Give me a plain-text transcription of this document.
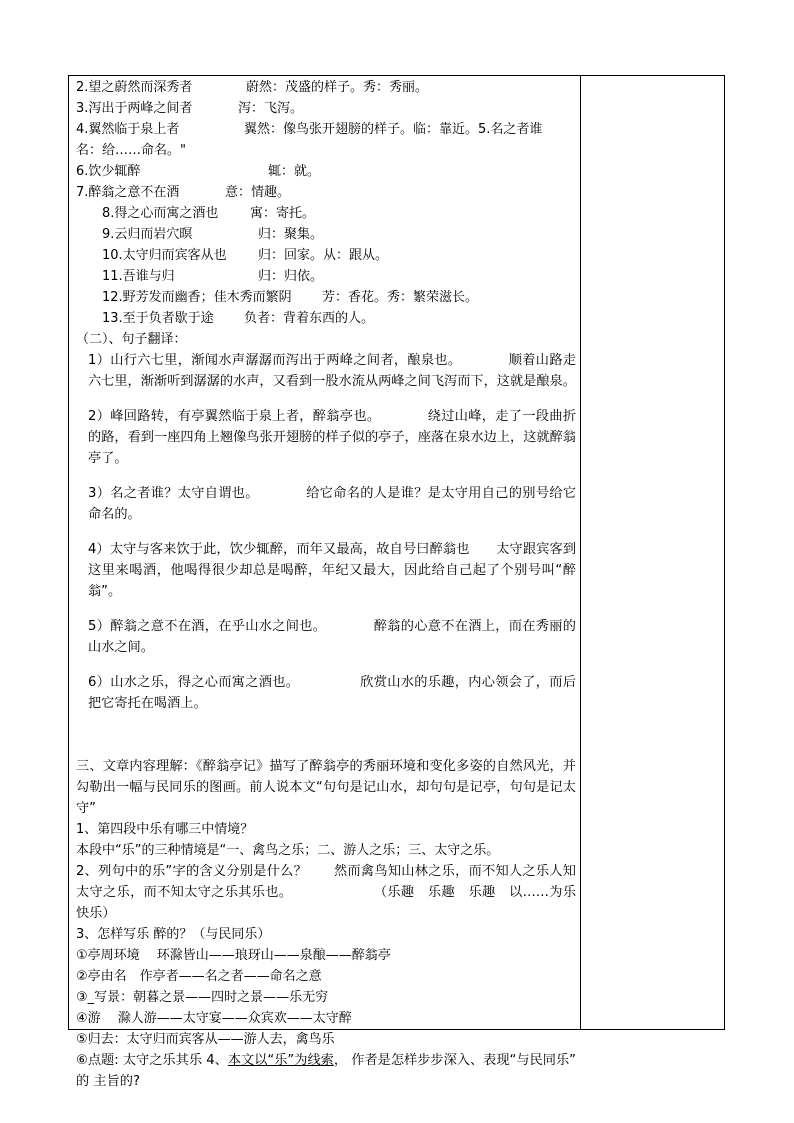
2.望之蔚然而深秀者	蔚然：茂盛的样子。秀：秀丽。
3.泻出于两峰之间者	泻：飞泻。
4.翼然临于泉上者	翼然：像鸟张开翅膀的样子。临：靠近。5.名之者谁
名：给……命名。"
6.饮少辄醉	辄：就。
7.醉翁之意不在酒	意：情趣。
8.得之心而寓之酒也 寓：寄托。
9.云归而岩穴暝	归：聚集。
10.太守归而宾客从也 归：回家。从：跟从。
11.吾谁与归	归：归依。
12.野芳发而幽香；佳木秀而繁阴 芳：香花。秀：繁荣滋长。
13.至于负者歇于途 负者：背着东西的人。
（二）、句子翻译：
1）山行六七里，渐闻水声潺潺而泻出于两峰之间者，酿泉也。　　　　	顺着山路走六七里，渐渐听到潺潺的水声，又看到一股水流从两峰之间飞泻而下，这就是酿泉。
2）峰回路转，有亭翼然临于泉上者，醉翁亭也。　　　　	绕过山峰，走了一段曲折的路，看到一座四角上翘像鸟张开翅膀的样子似的亭子，座落在泉水边上，这就醉翁亭了。
3）名之者谁？太守自谓也。　　　　	给它命名的人是谁？是太守用自己的别号给它命名的。
4）太守与客来饮于此，饮少辄醉，而年又最高，故自号曰醉翁也　　 太守跟宾客到这里来喝酒，他喝得很少却总是喝醉，年纪又最大，因此给自己起了个别号叫“醉翁”。
5）醉翁之意不在酒，在乎山水之间也。　　　　	醉翁的心意不在酒上，而在秀丽的山水之间。
6）山水之乐，得之心而寓之酒也。　　　　　	欣赏山水的乐趣，内心领会了，而后把它寄托在喝酒上。
三、文章内容理解：《醉翁亭记》描写了醉翁亭的秀丽环境和变化多姿的自然风光，并勾勒出一幅与民同乐的图画。前人说本文“句句是记山水，却句句是记亭，句句是记太守”
1、第四段中乐有哪三中情境？
本段中“乐”的三种情境是“一、禽鸟之乐；二、游人之乐；三、太守之乐。
2、列句中的乐”字的含义分别是什么？　　 然而禽鸟知山林之乐，而不知人之乐人知太守之乐，而不知太守之乐其乐也。　　　　　　　	（乐趣　乐趣　乐趣　以……为乐　　快乐）
3、怎样写乐 醉的？（与民同乐）
①亭周环境　 环滁皆山——琅玡山——泉酿——醉翁亭
②亭由名　作亭者——名之者——命名之意
③_写景：朝暮之景——四时之景——乐无穷
④游　 滁人游——太守宴——众宾欢——太守醉
⑤归去：太守归而宾客从——游人去，禽鸟乐
⑥点题: 太守之乐其乐 4、本文以“乐”为线索， 作者是怎样步步深入、表现“与民同乐” 的 主旨的?
